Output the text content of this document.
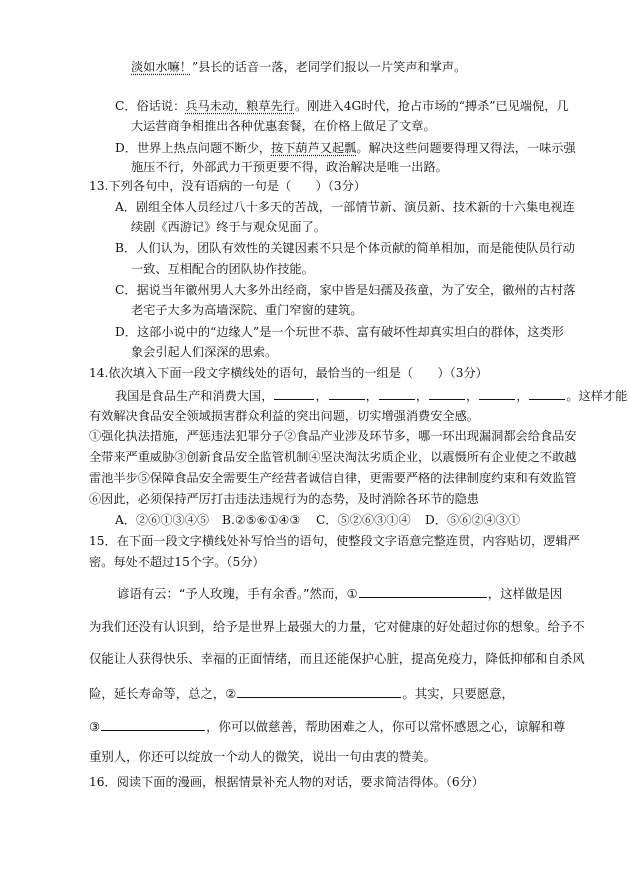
淡如水嘛！”县长的话音一落，老同学们报以一片笑声和掌声。
C．俗话说：兵马未动，粮草先行。刚进入4G时代，抢占市场的“搏杀”已见端倪，几
大运营商争相推出各种优惠套餐，在价格上做足了文章。
D．世界上热点问题不断少，按下葫芦又起瓢。解决这些问题要得理又得法，一味示强
施压不行，外部武力干预更要不得，政治解决是唯一出路。
13.下列各句中，没有语病的一句是（　　）（3分）
A．剧组全体人员经过八十多天的苦战，一部情节新、演员新、技术新的十六集电视连
续剧《西游记》终于与观众见面了。
B．人们认为，团队有效性的关键因素不只是个体贡献的简单相加，而是能使队员行动
一致、互相配合的团队协作技能。
C．据说当年徽州男人大多外出经商，家中皆是妇孺及孩童，为了安全，徽州的古村落
老宅子大多为高墙深院、重门窄窗的建筑。
D．这部小说中的“边缘人”是一个玩世不恭、富有破坏性却真实坦白的群体，这类形
象会引起人们深深的思索。
14.依次填入下面一段文字横线处的语句，最恰当的一组是（　　）（3分）
我国是食品生产和消费大国，	，	，	，	，	，	。这样才能
有效解决食品安全领域损害群众利益的突出问题，切实增强消费安全感。
①强化执法措施，严惩违法犯罪分子②食品产业涉及环节多，哪一环出现漏洞都会给食品安
全带来严重威胁③创新食品安全监管机制④坚决淘汰劣质企业，以震慑所有企业使之不敢越
雷池半步⑤保障食品安全需要生产经营者诚信自律，更需要严格的法律制度约束和有效监管
⑥因此，必须保持严厉打击违法违规行为的态势，及时消除各环节的隐患
A．②⑥①③④⑤ B.②⑤⑥①④③ C．⑤②⑥③①④ D．⑤⑥②④③①
15．在下面一段文字横线处补写恰当的语句，使整段文字语意完整连贯，内容贴切，逻辑严
密。每处不超过15个字。（5分）
谚语有云：“予人玫瑰，手有余香。”然而，①	，这样做是因
为我们还没有认识到，给予是世界上最强大的力量，它对健康的好处超过你的想象。给予不
仅能让人获得快乐、幸福的正面情绪，而且还能保护心脏，提高免疫力，降低抑郁和自杀风
险，延长寿命等，总之，②	。其实，只要愿意，
③	，你可以做慈善，帮助困难之人，你可以常怀感恩之心，谅解和尊
重别人，你还可以绽放一个动人的微笑，说出一句由衷的赞美。
16．阅读下面的漫画，根据情景补充人物的对话，要求简洁得体。（6分）
